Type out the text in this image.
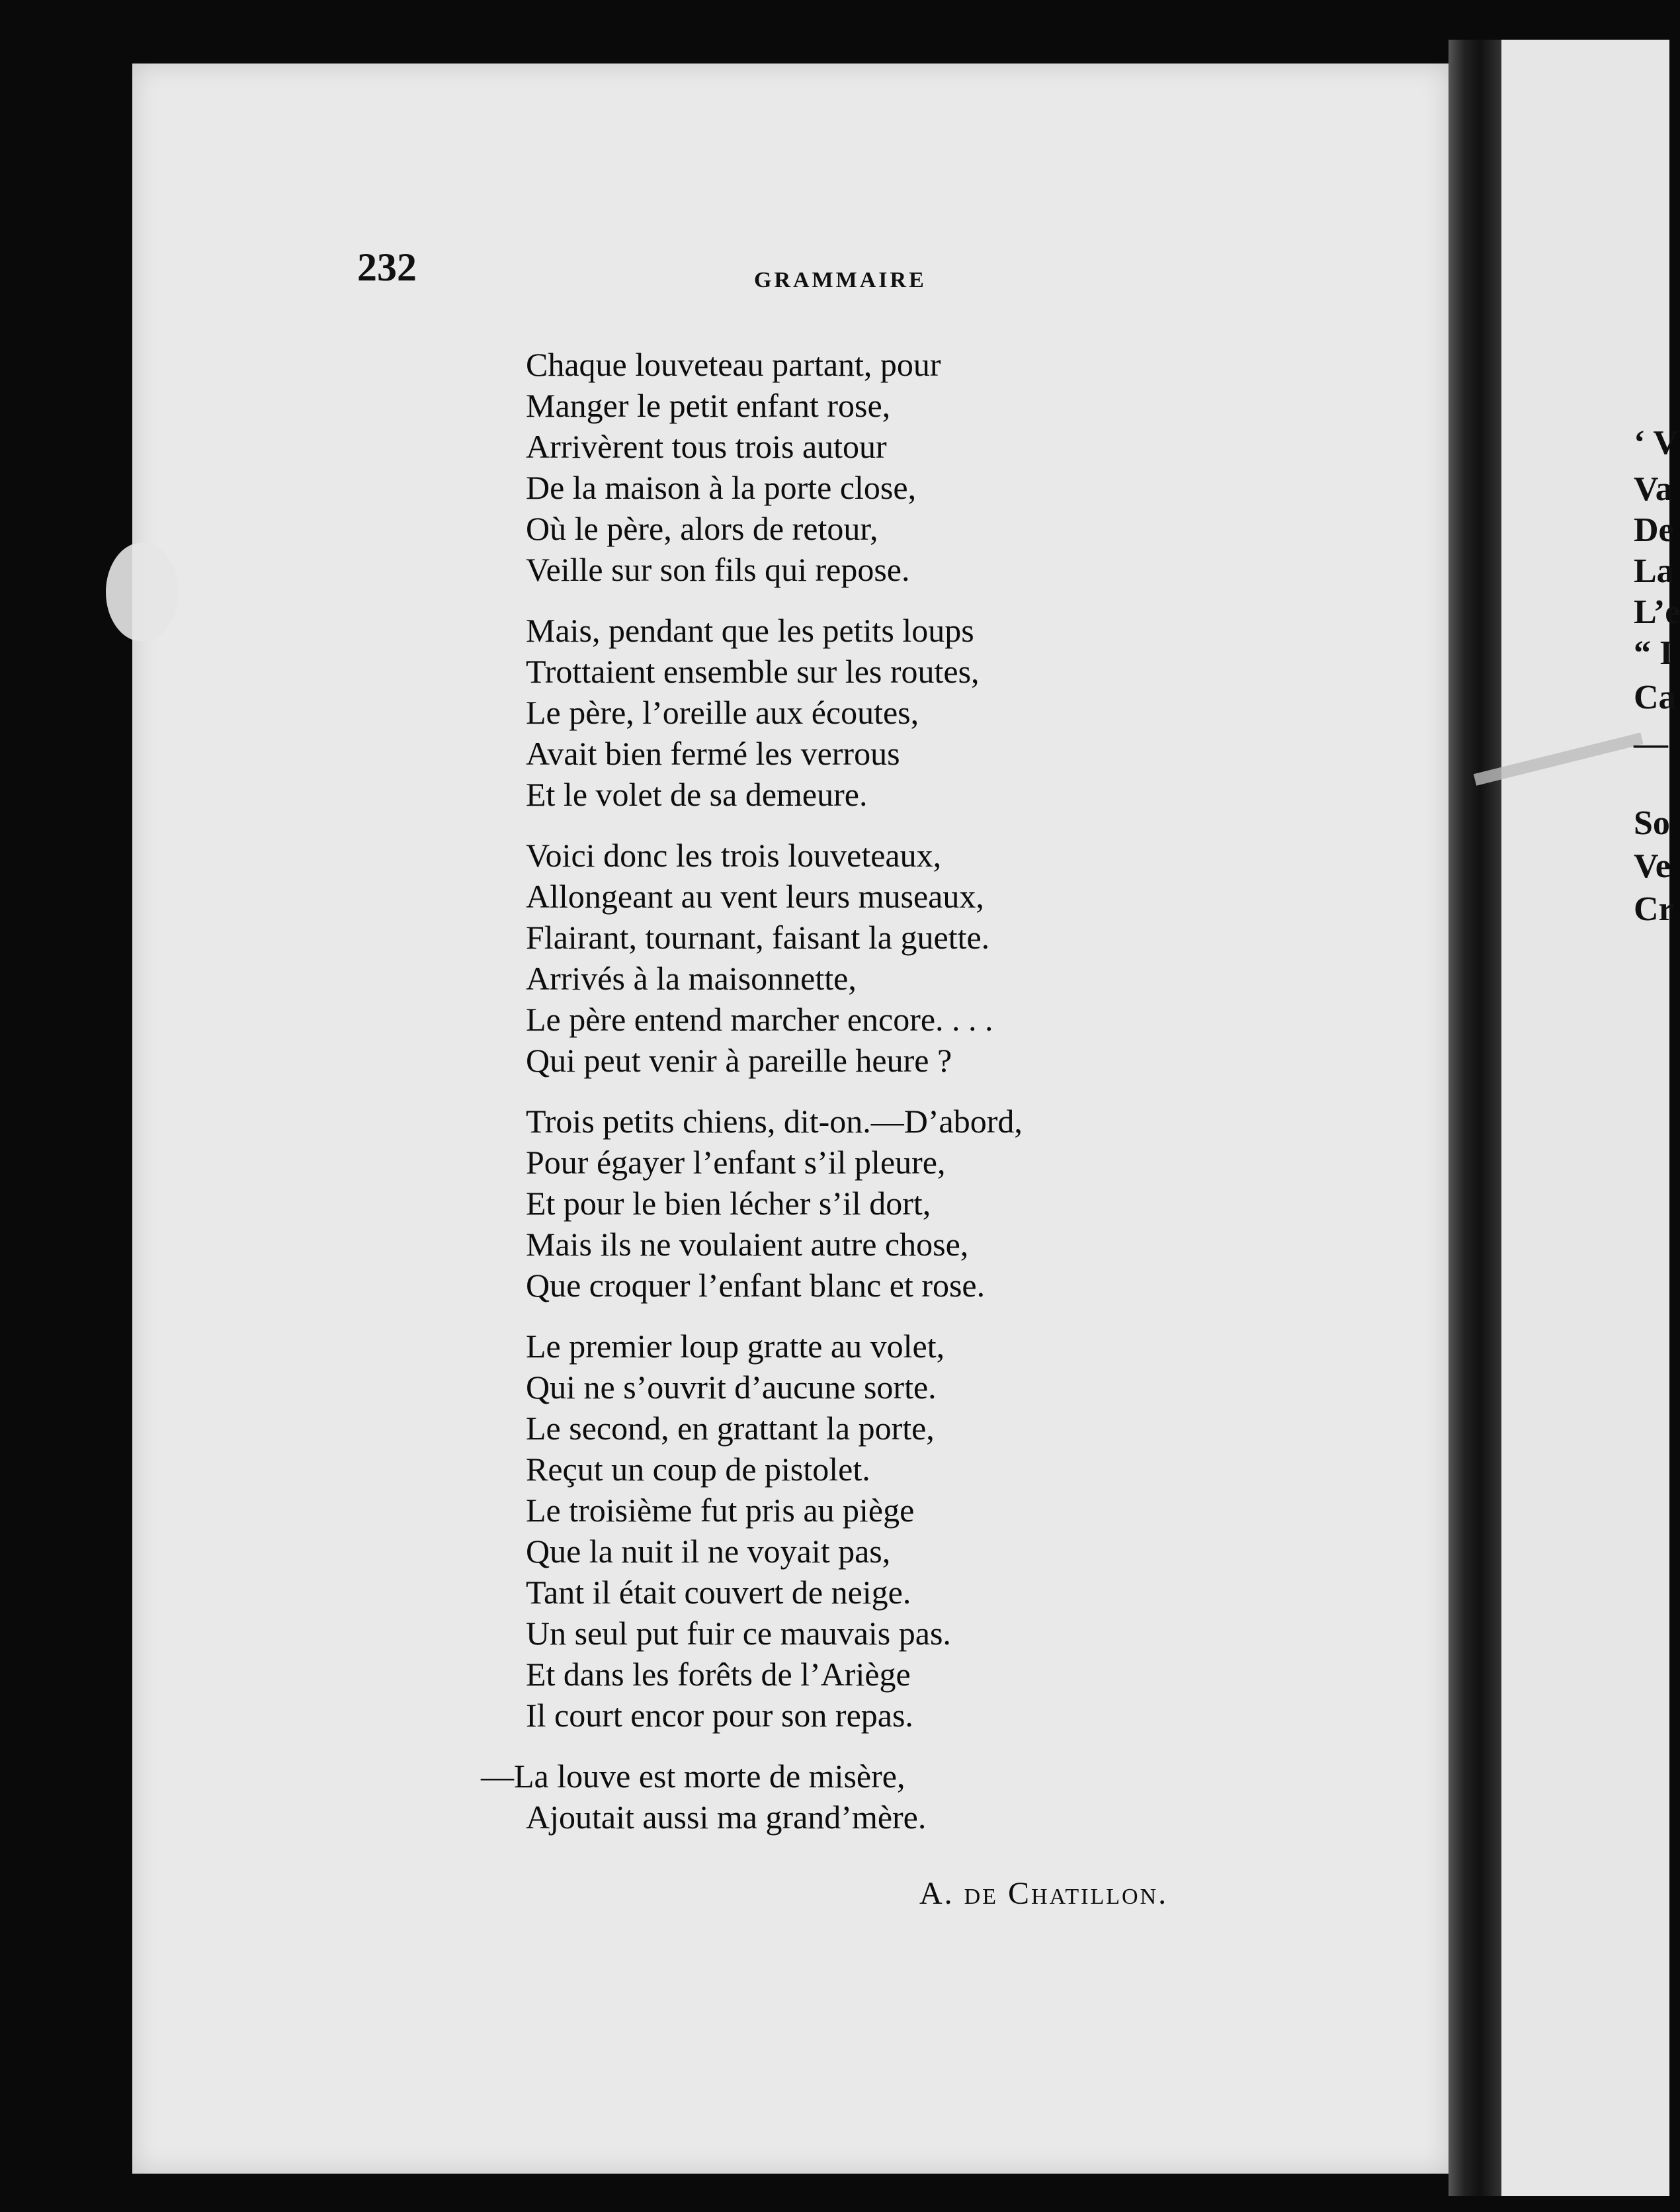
232	GRAMMAIRE
Chaque louveteau partant, pour
Manger le petit enfant rose,
Arrivèrent tous trois autour
De la maison à la porte close,
Où le père, alors de retour,
Veille sur son fils qui repose.
Mais, pendant que les petits loups
Trottaient ensemble sur les routes,
Le père, l’oreille aux écoutes,
Avait bien fermé les verrous
Et le volet de sa demeure.
Voici donc les trois louveteaux,
Allongeant au vent leurs museaux,
Flairant, tournant, faisant la guette.
Arrivés à la maisonnette,
Le père entend marcher encore. . . .
Qui peut venir à pareille heure ?
Trois petits chiens, dit-on.—D’abord,
Pour égayer l’enfant s’il pleure,
Et pour le bien lécher s’il dort,
Mais ils ne voulaient autre chose,
Que croquer l’enfant blanc et rose.
Le premier loup gratte au volet,
Qui ne s’ouvrit d’aucune sorte.
Le second, en grattant la porte,
Reçut un coup de pistolet.
Le troisième fut pris au piège
Que la nuit il ne voyait pas,
Tant il était couvert de neige.
Un seul put fuir ce mauvais pas.
Et dans les forêts de l’Ariège
Il court encor pour son repas.
—La louve est morte de misère,
Ajoutait aussi ma grand’mère.
A. de Chatillon.
‘ V
Va
De
La
L’e
“ I
Ca
—
So
Ve
Cr
